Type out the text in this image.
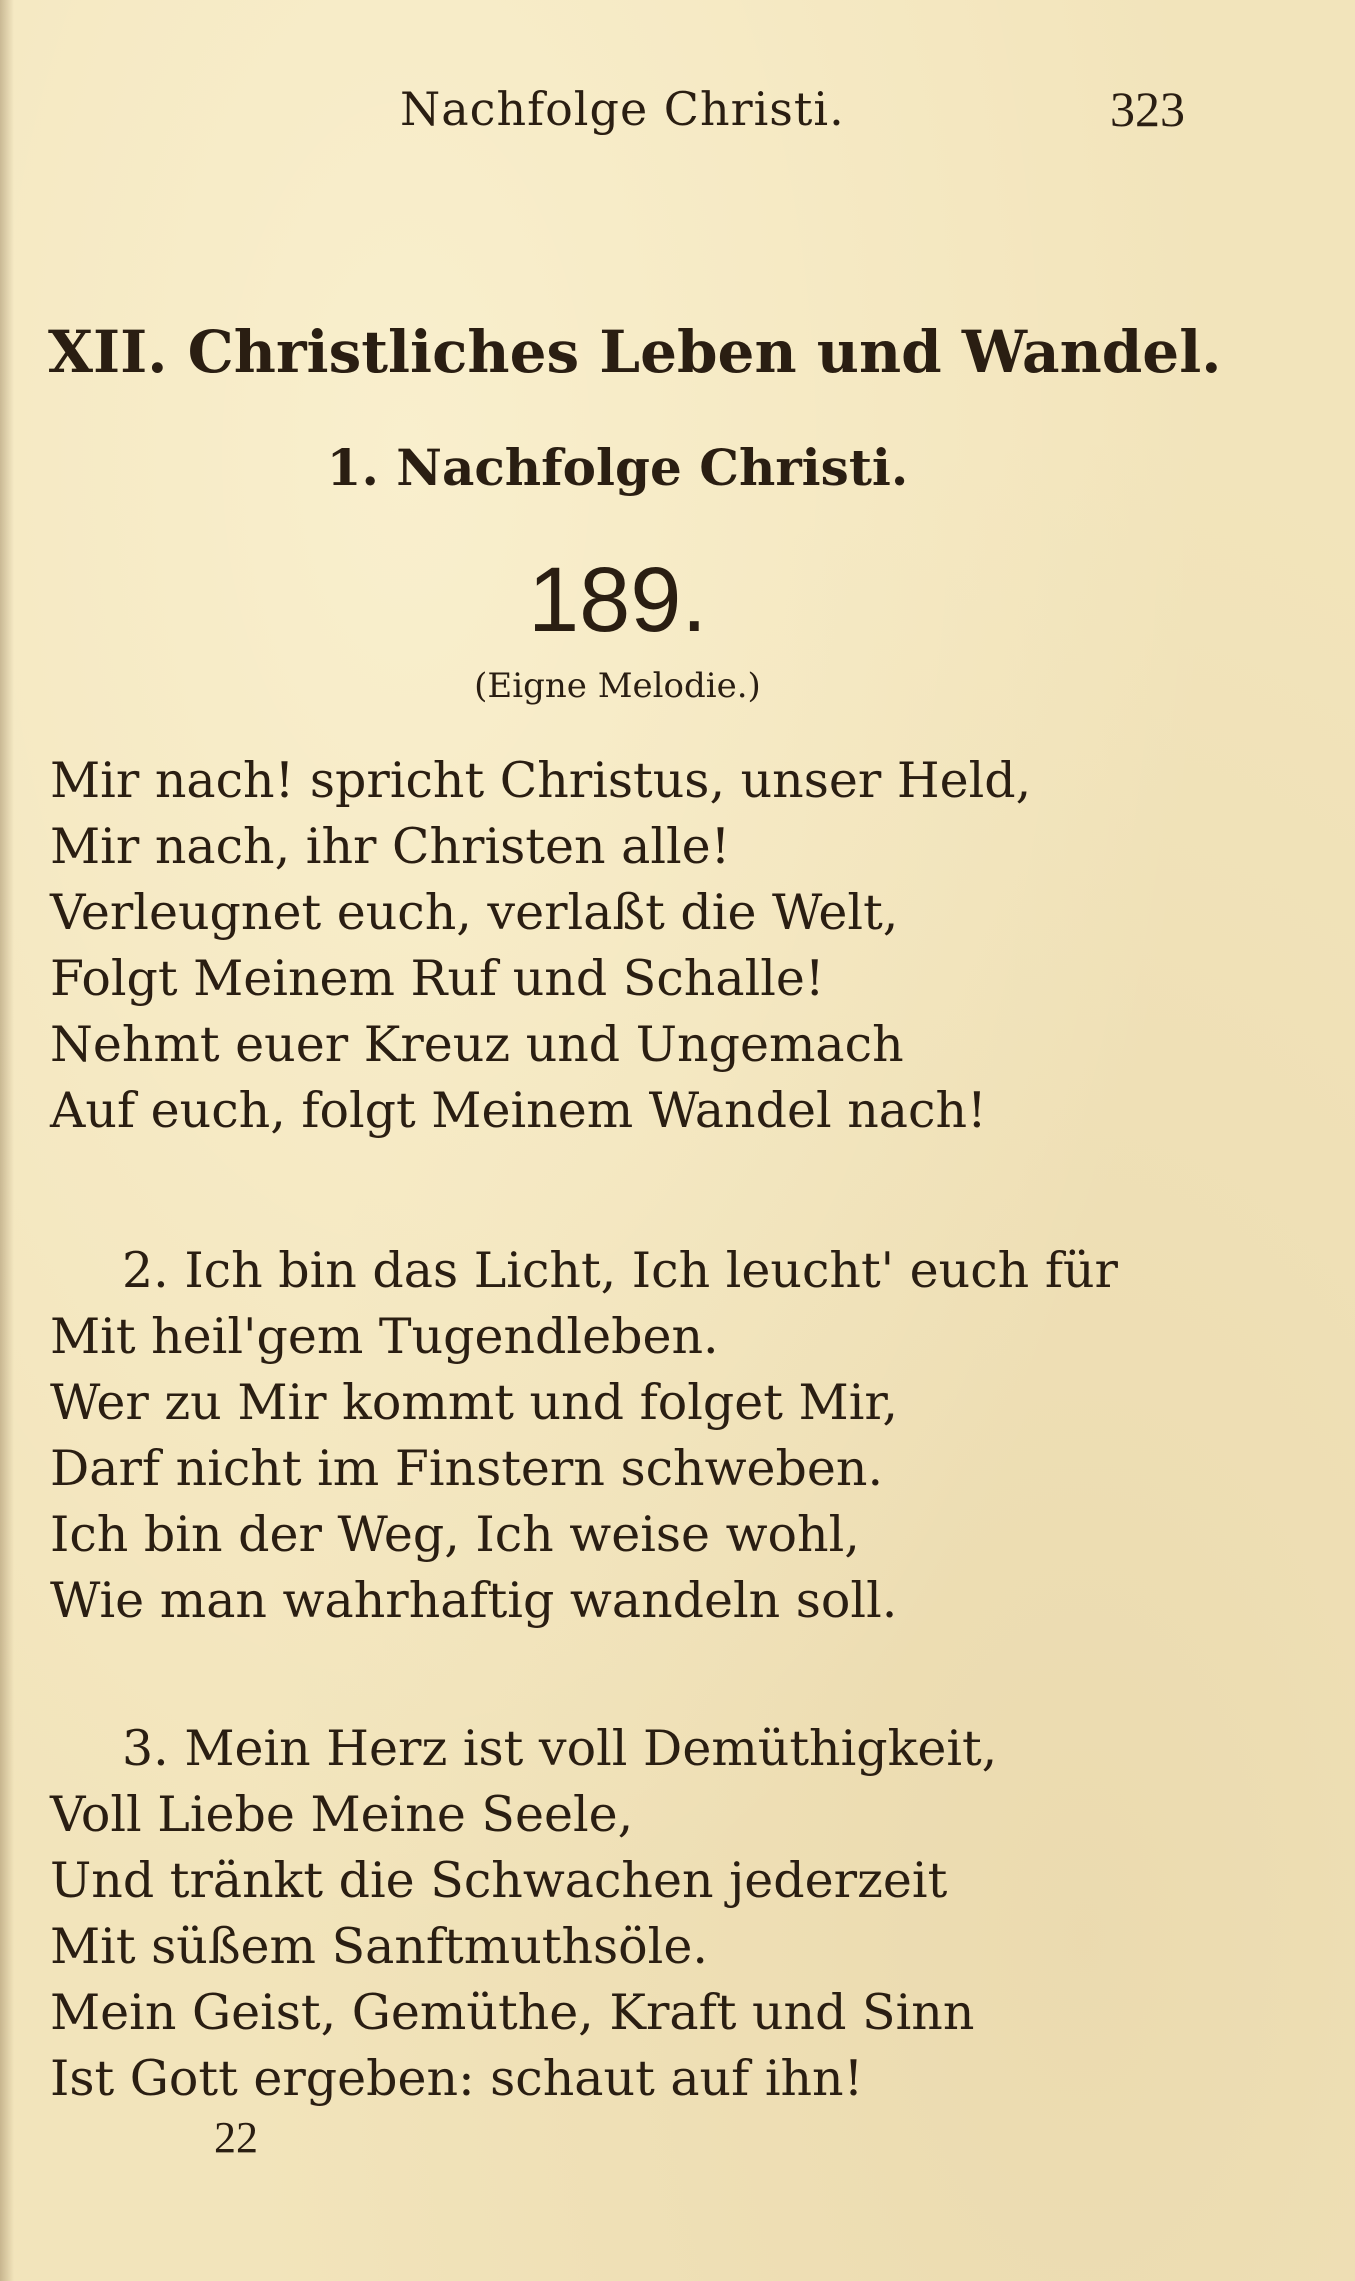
Nachfolge Christi.	323
XII. Christliches Leben und Wandel.
1. Nachfolge Christi.
189.
(Eigne Melodie.)
Mir nach! spricht Christus, unser Held,
Mir nach, ihr Christen alle!
Verleugnet euch, verlaßt die Welt,
Folgt Meinem Ruf und Schalle!
Nehmt euer Kreuz und Ungemach
Auf euch, folgt Meinem Wandel nach!
2. Ich bin das Licht, Ich leucht' euch für
Mit heil'gem Tugendleben.
Wer zu Mir kommt und folget Mir,
Darf nicht im Finstern schweben.
Ich bin der Weg, Ich weise wohl,
Wie man wahrhaftig wandeln soll.
3. Mein Herz ist voll Demüthigkeit,
Voll Liebe Meine Seele,
Und tränkt die Schwachen jederzeit
Mit süßem Sanftmuthsöle.
Mein Geist, Gemüthe, Kraft und Sinn
Ist Gott ergeben: schaut auf ihn!
22
